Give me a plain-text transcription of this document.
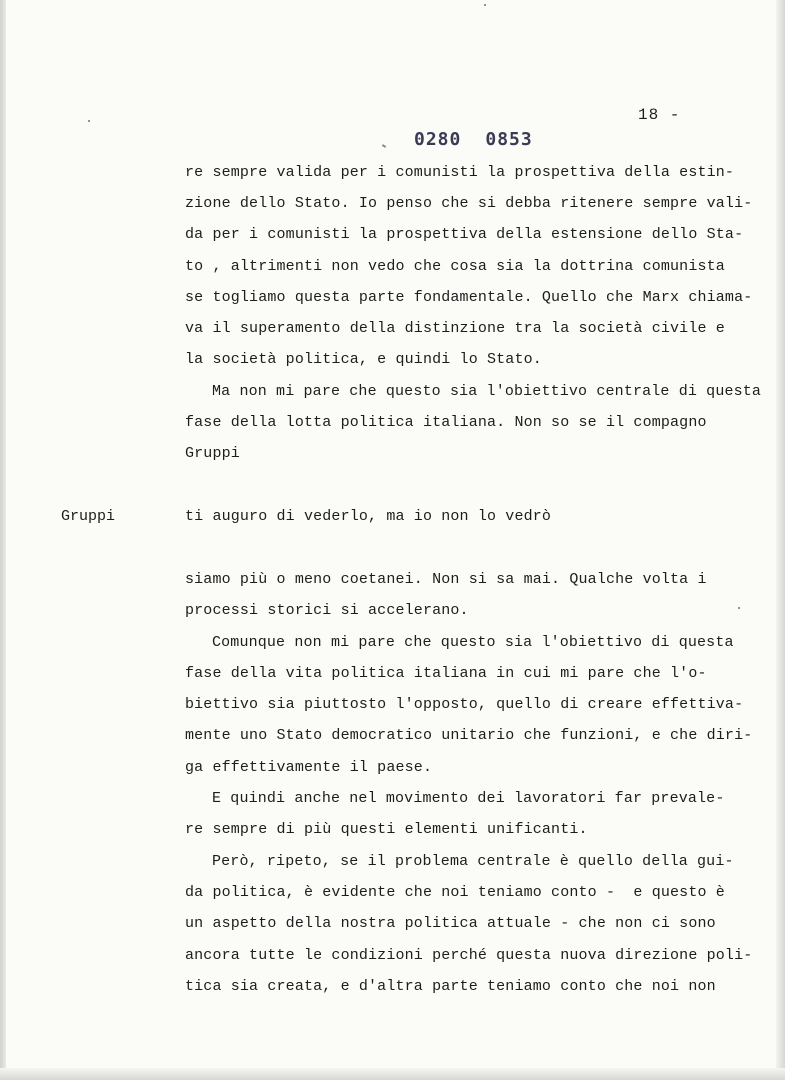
18 -
0280 0853
re sempre valida per i comunisti la prospettiva della estin-
zione dello Stato. Io penso che si debba ritenere sempre vali-
da per i comunisti la prospettiva della estensione dello Sta-
to , altrimenti non vedo che cosa sia la dottrina comunista
se togliamo questa parte fondamentale. Quello che Marx chiama-
va il superamento della distinzione tra la società civile e
la società politica, e quindi lo Stato.
Ma non mi pare che questo sia l'obiettivo centrale di questa
fase della lotta politica italiana. Non so se il compagno
Gruppi
Gruppi	ti auguro di vederlo, ma io non lo vedrò
siamo più o meno coetanei. Non si sa mai. Qualche volta i
processi storici si accelerano.
Comunque non mi pare che questo sia l'obiettivo di questa
fase della vita politica italiana in cui mi pare che l'o-
biettivo sia piuttosto l'opposto, quello di creare effettiva-
mente uno Stato democratico unitario che funzioni, e che diri-
ga effettivamente il paese.
E quindi anche nel movimento dei lavoratori far prevale-
re sempre di più questi elementi unificanti.
Però, ripeto, se il problema centrale è quello della gui-
da politica, è evidente che noi teniamo conto -  e questo è
un aspetto della nostra politica attuale - che non ci sono
ancora tutte le condizioni perché questa nuova direzione poli-
tica sia creata, e d'altra parte teniamo conto che noi non
